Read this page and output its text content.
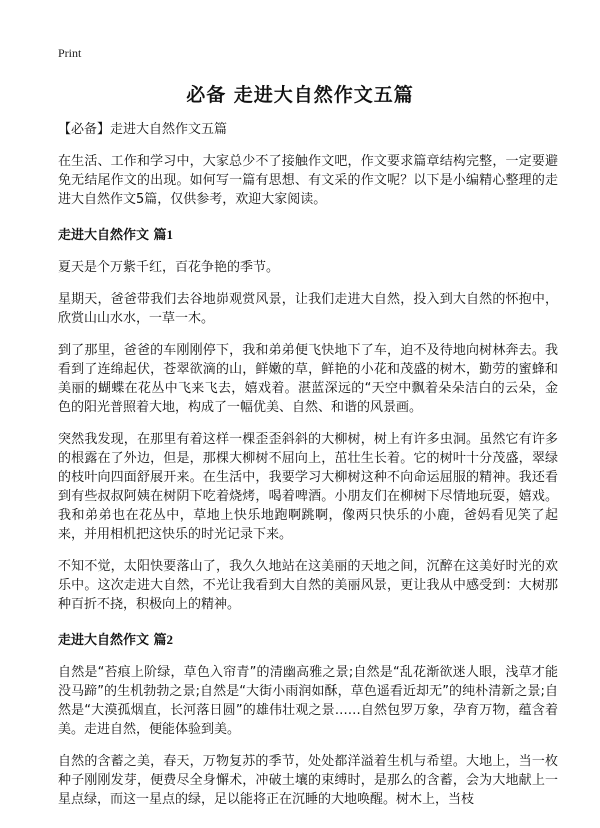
Print
必备 走进大自然作文五篇

【必备】走进大自然作文五篇

在生活、工作和学习中，大家总少不了接触作文吧，作文要求篇章结构完整，一定要避免无结尾作文的出现。如何写一篇有思想、有文采的作文呢？以下是小编精心整理的走进大自然作文5篇，仅供参考，欢迎大家阅读。

走进大自然作文 篇1

夏天是个万紫千红，百花争艳的季节。

星期天，爸爸带我们去谷地峁观赏风景，让我们走进大自然，投入到大自然的怀抱中，欣赏山山水水，一草一木。

到了那里，爸爸的车刚刚停下，我和弟弟便飞快地下了车，迫不及待地向树林奔去。我看到了连绵起伏，苍翠欲滴的山，鲜嫩的草，鲜艳的小花和茂盛的树木，勤劳的蜜蜂和美丽的蝴蝶在花丛中飞来飞去，嬉戏着。湛蓝深远的“天空中飘着朵朵洁白的云朵，金色的阳光普照着大地，构成了一幅优美、自然、和谐的风景画。

突然我发现，在那里有着这样一棵歪歪斜斜的大柳树，树上有许多虫洞。虽然它有许多的根露在了外边，但是，那棵大柳树不屈向上，茁壮生长着。它的树叶十分茂盛，翠绿的枝叶向四面舒展开来。在生活中，我要学习大柳树这种不向命运屈服的精神。我还看到有些叔叔阿姨在树阴下吃着烧烤，喝着啤酒。小朋友们在柳树下尽情地玩耍，嬉戏。我和弟弟也在花丛中，草地上快乐地跑啊跳啊，像两只快乐的小鹿，爸妈看见笑了起来，并用相机把这快乐的时光记录下来。

不知不觉，太阳快要落山了，我久久地站在这美丽的天地之间，沉醉在这美好时光的欢乐中。这次走进大自然，不光让我看到大自然的美丽风景，更让我从中感受到：大树那种百折不挠，积极向上的精神。

走进大自然作文 篇2

自然是“苔痕上阶绿，草色入帘青”的清幽高雅之景;自然是“乱花渐欲迷人眼，浅草才能没马蹄”的生机勃勃之景;自然是“大街小雨润如酥，草色遥看近却无”的纯朴清新之景;自然是“大漠孤烟直，长河落日圆”的雄伟壮观之景……自然包罗万象，孕育万物，蕴含着美。走进自然，便能体验到美。

自然的含蓄之美，春天，万物复苏的季节，处处都洋溢着生机与希望。大地上，当一枚种子刚刚发芽，便费尽全身懈术，冲破土壤的束缚时，是那么的含蓄，会为大地献上一星点绿，而这一星点的绿，足以能将正在沉睡的大地唤醒。树木上，当枝
